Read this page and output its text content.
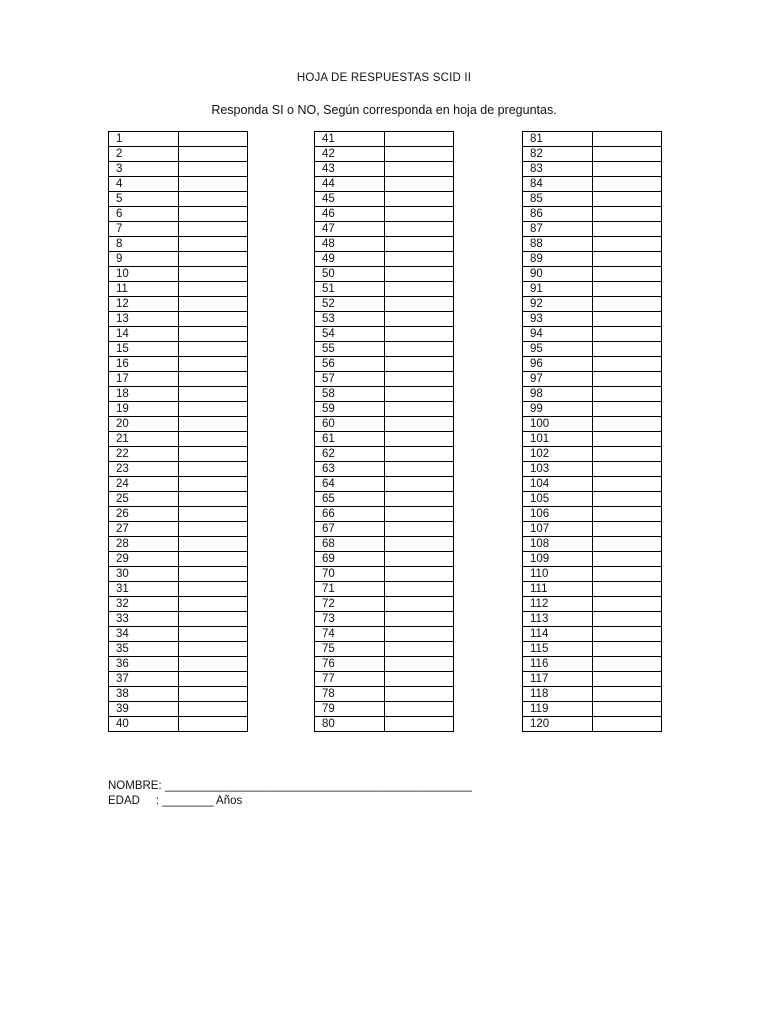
HOJA DE RESPUESTAS SCID II
Responda SI o NO, Según corresponda en hoja de preguntas.
1	
2	
3	
4	
5	
6	
7	
8	
9	
10	
11	
12	
13	
14	
15	
16	
17	
18	
19	
20	
21	
22	
23	
24	
25	
26	
27	
28	
29	
30	
31	
32	
33	
34	
35	
36	
37	
38	
39	
40	
41	
42	
43	
44	
45	
46	
47	
48	
49	
50	
51	
52	
53	
54	
55	
56	
57	
58	
59	
60	
61	
62	
63	
64	
65	
66	
67	
68	
69	
70	
71	
72	
73	
74	
75	
76	
77	
78	
79	
80	
81	
82	
83	
84	
85	
86	
87	
88	
89	
90	
91	
92	
93	
94	
95	
96	
97	
98	
99	
100	
101	
102	
103	
104	
105	
106	
107	
108	
109	
110	
111	
112	
113	
114	
115	
116	
117	
118	
119	
120	
NOMBRE: ________________________________________________
EDAD     : ________ Años
